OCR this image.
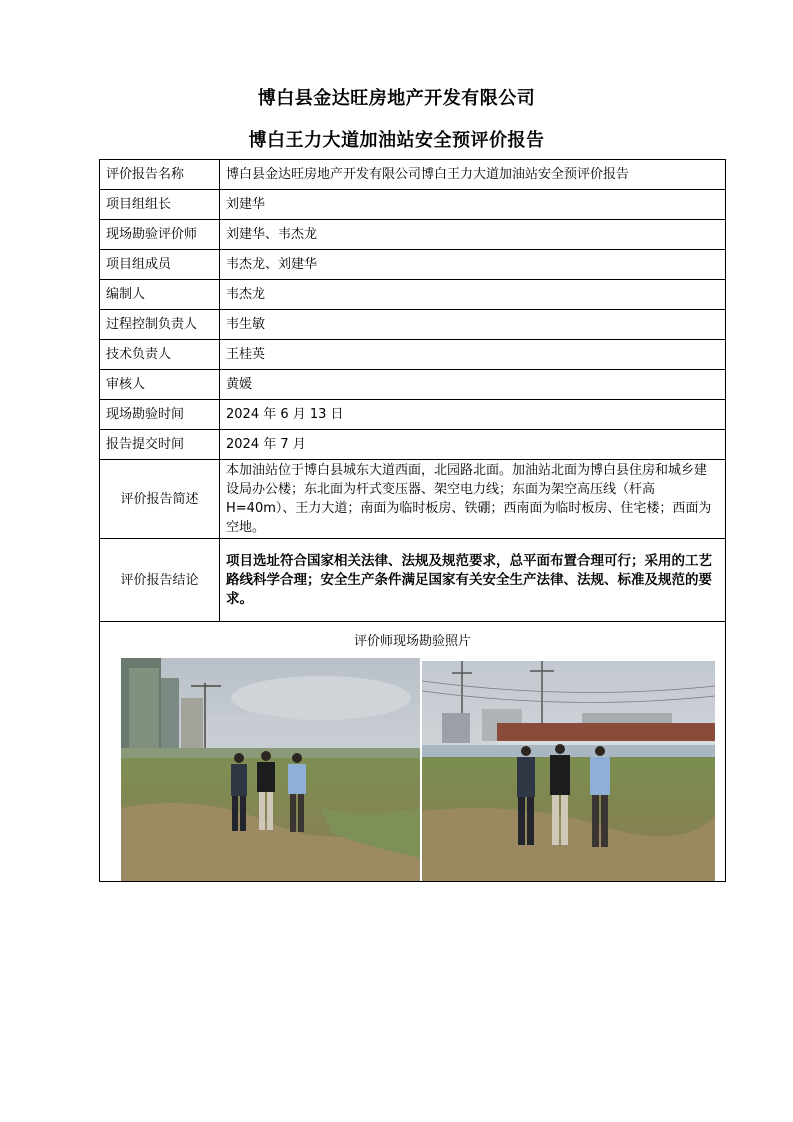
博白县金达旺房地产开发有限公司
博白王力大道加油站安全预评价报告
评价报告名称	博白县金达旺房地产开发有限公司博白王力大道加油站安全预评价报告
项目组组长	刘建华
现场勘验评价师	刘建华、韦杰龙
项目组成员	韦杰龙、刘建华
编制人	韦杰龙
过程控制负责人	韦生敏
技术负责人	王桂英
审核人	黄媛
现场勘验时间	2024 年 6 月 13 日
报告提交时间	2024 年 7 月
评价报告简述	本加油站位于博白县城东大道西面，北园路北面。加油站北面为博白县住房和城乡建设局办公楼；东北面为杆式变压器、架空电力线；东面为架空高压线（杆高H=40m）、王力大道；南面为临时板房、铁硼；西南面为临时板房、住宅楼；西面为空地。
评价报告结论	项目选址符合国家相关法律、法规及规范要求，总平面布置合理可行；采用的工艺路线科学合理；安全生产条件满足国家有关安全生产法律、法规、标准及规范的要求。

评价师现场勘验照片	
